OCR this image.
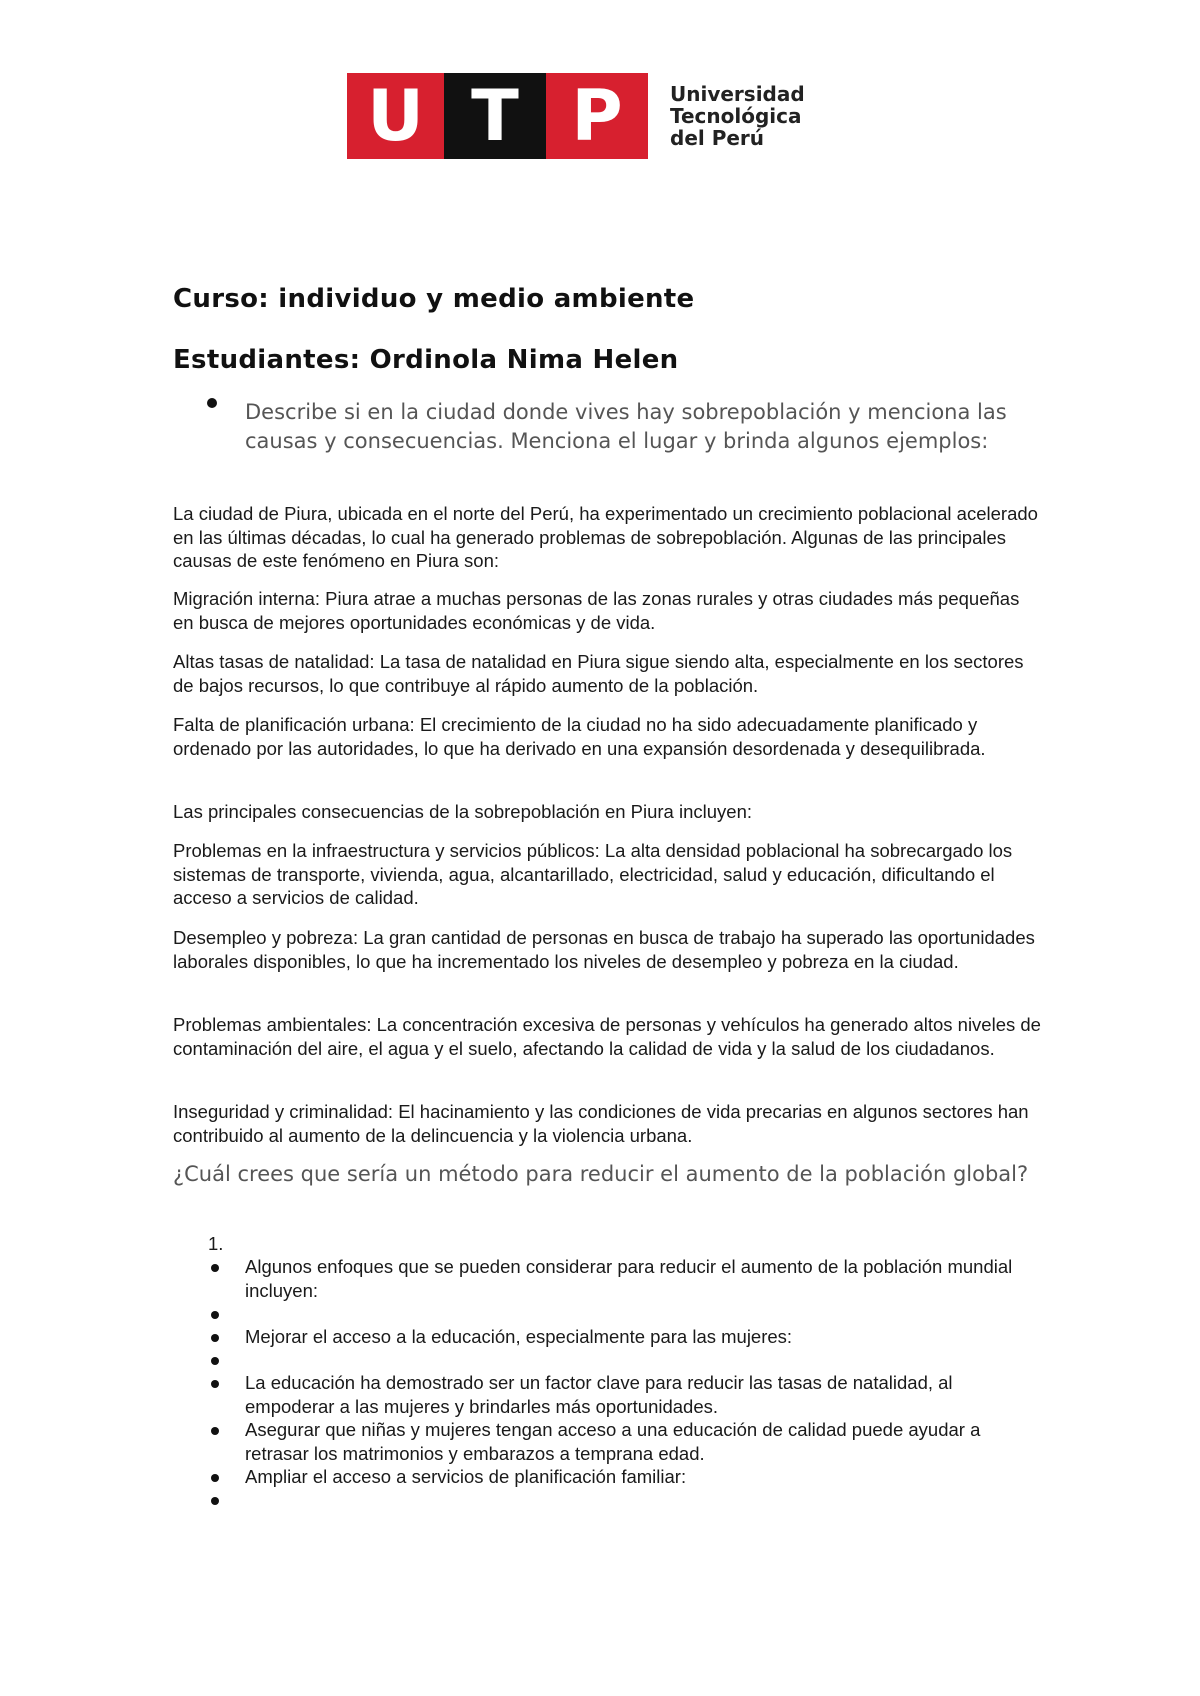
U T P	Universidad
Tecnológica
del Perú
Curso: individuo y medio ambiente
Estudiantes: Ordinola Nima Helen
Describe si en la ciudad donde vives hay sobrepoblación y menciona las causas y consecuencias. Menciona el lugar y brinda algunos ejemplos:
La ciudad de Piura, ubicada en el norte del Perú, ha experimentado un crecimiento poblacional acelerado en las últimas décadas, lo cual ha generado problemas de sobrepoblación. Algunas de las principales causas de este fenómeno en Piura son:
Migración interna: Piura atrae a muchas personas de las zonas rurales y otras ciudades más pequeñas en busca de mejores oportunidades económicas y de vida.
Altas tasas de natalidad: La tasa de natalidad en Piura sigue siendo alta, especialmente en los sectores de bajos recursos, lo que contribuye al rápido aumento de la población.
Falta de planificación urbana: El crecimiento de la ciudad no ha sido adecuadamente planificado y ordenado por las autoridades, lo que ha derivado en una expansión desordenada y desequilibrada.
Las principales consecuencias de la sobrepoblación en Piura incluyen:
Problemas en la infraestructura y servicios públicos: La alta densidad poblacional ha sobrecargado los sistemas de transporte, vivienda, agua, alcantarillado, electricidad, salud y educación, dificultando el acceso a servicios de calidad.
Desempleo y pobreza: La gran cantidad de personas en busca de trabajo ha superado las oportunidades laborales disponibles, lo que ha incrementado los niveles de desempleo y pobreza en la ciudad.
Problemas ambientales: La concentración excesiva de personas y vehículos ha generado altos niveles de contaminación del aire, el agua y el suelo, afectando la calidad de vida y la salud de los ciudadanos.
Inseguridad y criminalidad: El hacinamiento y las condiciones de vida precarias en algunos sectores han contribuido al aumento de la delincuencia y la violencia urbana.
¿Cuál crees que sería un método para reducir el aumento de la población global?
1.
Algunos enfoques que se pueden considerar para reducir el aumento de la población mundial incluyen:
Mejorar el acceso a la educación, especialmente para las mujeres:
La educación ha demostrado ser un factor clave para reducir las tasas de natalidad, al empoderar a las mujeres y brindarles más oportunidades.
Asegurar que niñas y mujeres tengan acceso a una educación de calidad puede ayudar a retrasar los matrimonios y embarazos a temprana edad.
Ampliar el acceso a servicios de planificación familiar:
